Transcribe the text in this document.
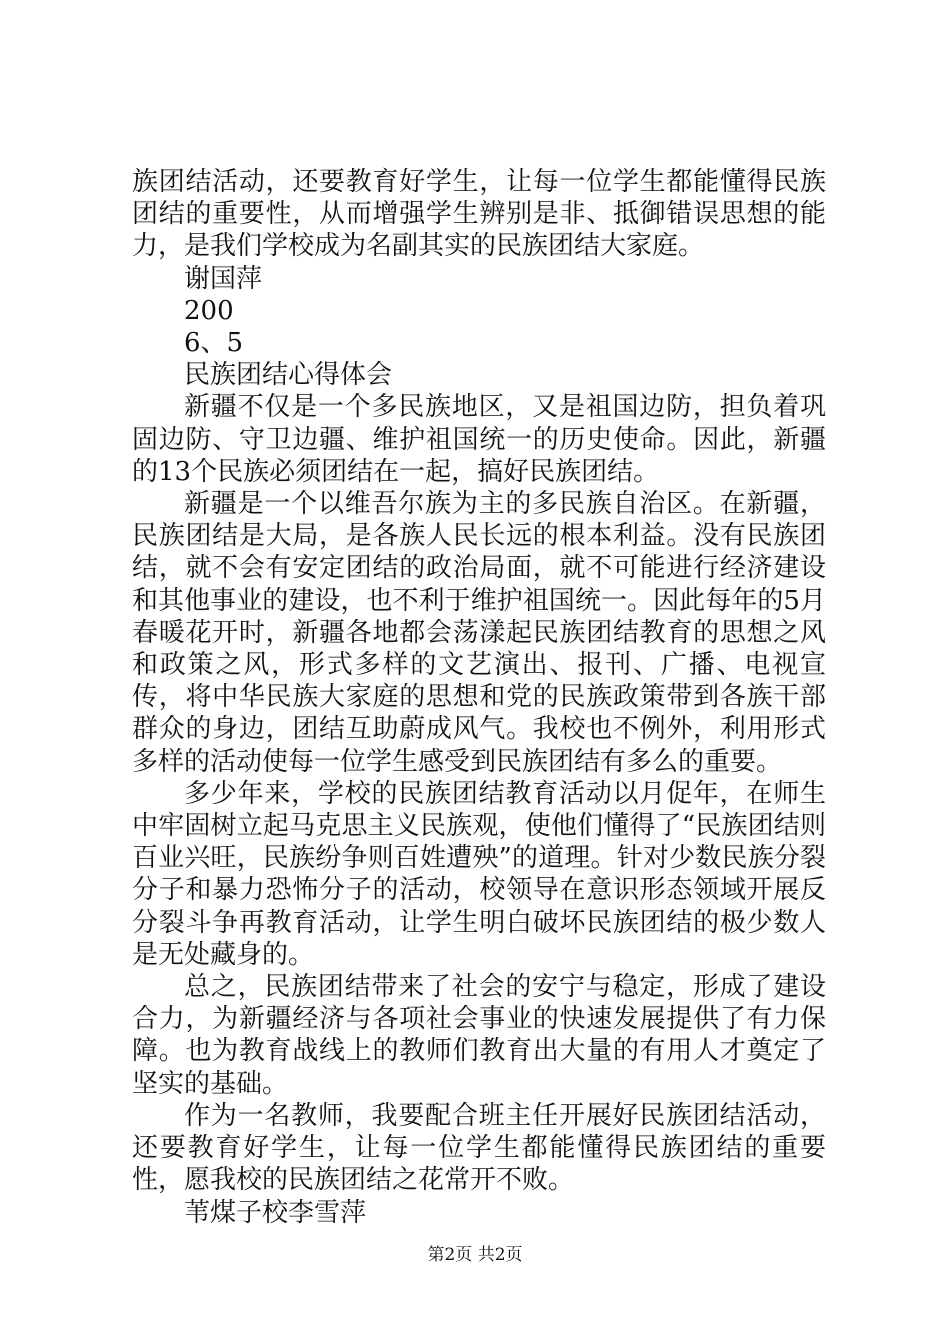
族团结活动，还要教育好学生，让每一位学生都能懂得民族团结的重要性，从而增强学生辨别是非、抵御错误思想的能力，是我们学校成为名副其实的民族团结大家庭。

谢国萍

200

6、5

民族团结心得体会

新疆不仅是一个多民族地区，又是祖国边防，担负着巩固边防、守卫边疆、维护祖国统一的历史使命。因此，新疆的13个民族必须团结在一起，搞好民族团结。

新疆是一个以维吾尔族为主的多民族自治区。在新疆，民族团结是大局，是各族人民长远的根本利益。没有民族团结，就不会有安定团结的政治局面，就不可能进行经济建设和其他事业的建设，也不利于维护祖国统一。因此每年的5月春暖花开时，新疆各地都会荡漾起民族团结教育的思想之风和政策之风，形式多样的文艺演出、报刊、广播、电视宣传，将中华民族大家庭的思想和党的民族政策带到各族干部群众的身边，团结互助蔚成风气。我校也不例外，利用形式多样的活动使每一位学生感受到民族团结有多么的重要。

多少年来，学校的民族团结教育活动以月促年，在师生中牢固树立起马克思主义民族观，使他们懂得了“民族团结则百业兴旺，民族纷争则百姓遭殃”的道理。针对少数民族分裂分子和暴力恐怖分子的活动，校领导在意识形态领域开展反分裂斗争再教育活动，让学生明白破坏民族团结的极少数人是无处藏身的。

总之，民族团结带来了社会的安宁与稳定，形成了建设合力，为新疆经济与各项社会事业的快速发展提供了有力保障。也为教育战线上的教师们教育出大量的有用人才奠定了坚实的基础。

作为一名教师，我要配合班主任开展好民族团结活动，还要教育好学生，让每一位学生都能懂得民族团结的重要性，愿我校的民族团结之花常开不败。

苇煤子校李雪萍

第2页 共2页
